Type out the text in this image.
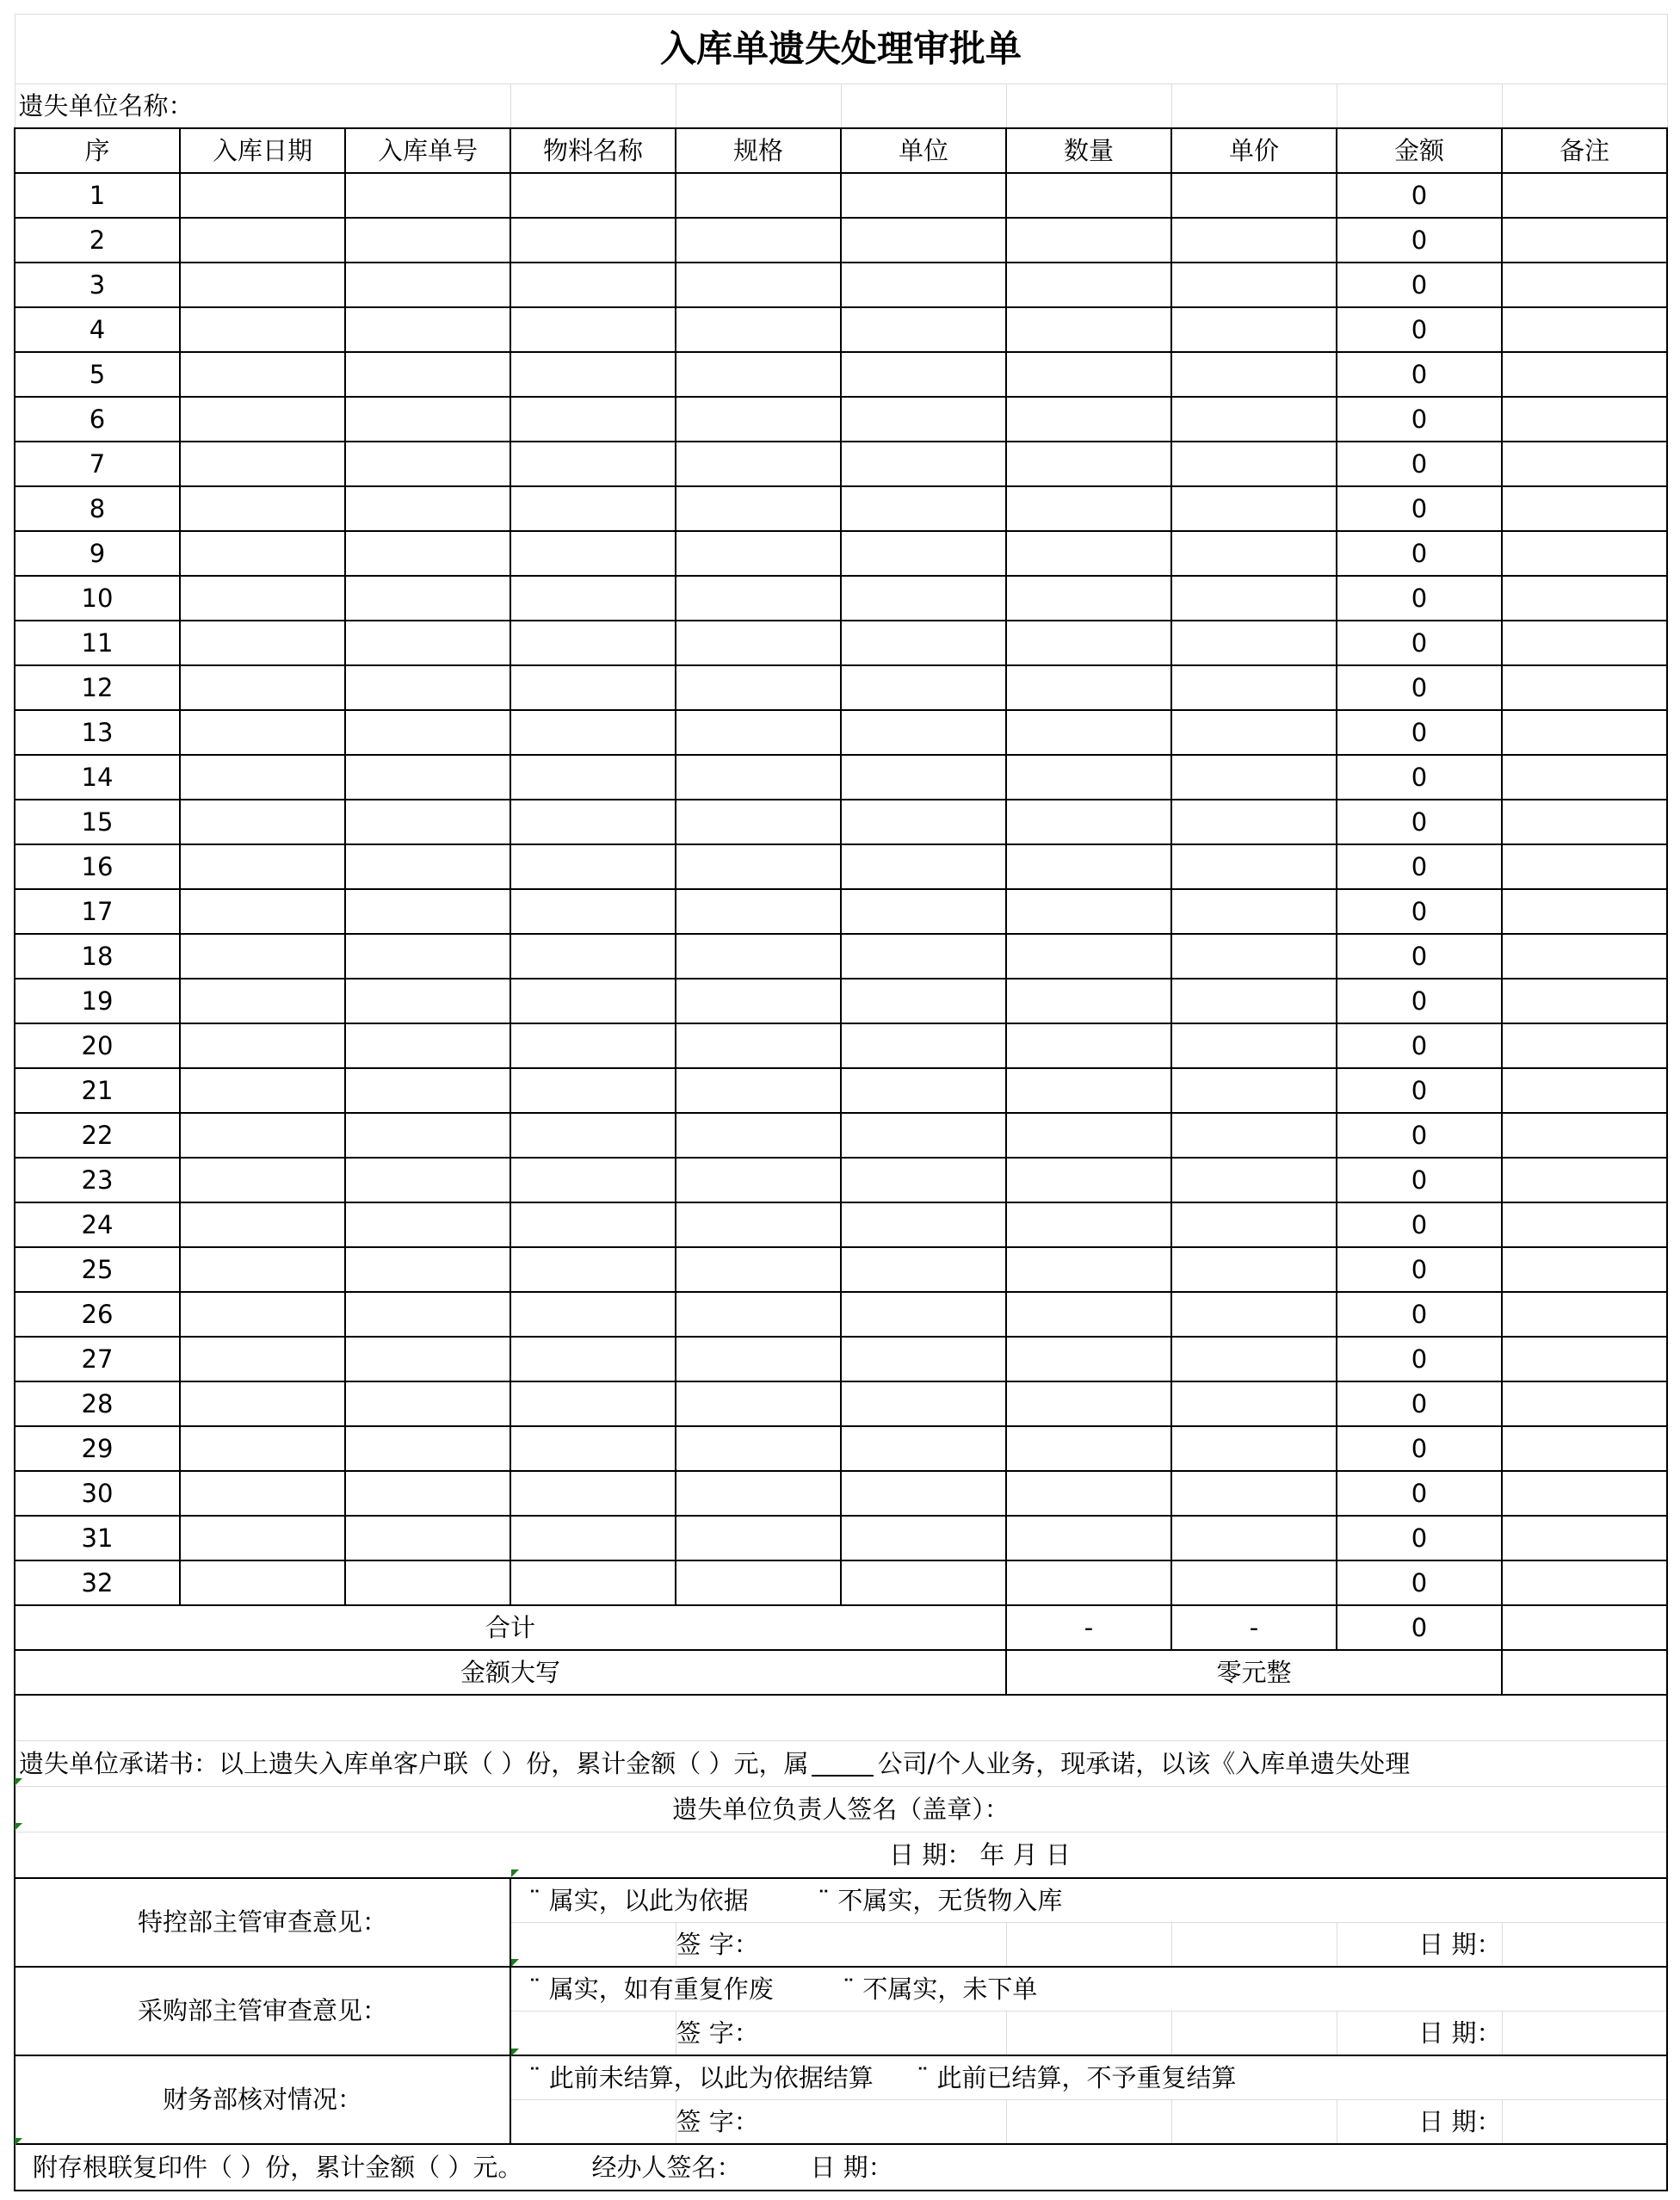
入库单遗失处理审批单									
遗失单位名称：									
序	入库日期	入库单号	物料名称	规格	单位	数量	单价	金额	备注
1								0	
2								0	
3								0	
4								0	
5								0	
6								0	
7								0	
8								0	
9								0	
10								0	
11								0	
12								0	
13								0	
14								0	
15								0	
16								0	
17								0	
18								0	
19								0	
20								0	
21								0	
22								0	
23								0	
24								0	
25								0	
26								0	
27								0	
28								0	
29								0	
30								0	
31								0	
32								0	
合计						-	-	0	
金额大写						零元整			

遗失单位承诺书：以上遗失入库单客户联（ ）份，累计金额（ ）元，属 公司/个人业务，现承诺，以该《入库单遗失处理									
遗失单位负责人签名（盖章）：									
日 期： 年 月 日									
特控部主管审查意见：			¨ 属实，以此为依据 ¨ 不属实，无货物入库						
				签 字：				日 期：	
采购部主管审查意见：			¨ 属实，如有重复作废 ¨ 不属实，未下单						
				签 字：				日 期：	
财务部核对情况：			¨ 此前未结算，以此为依据结算 ¨ 此前已结算，不予重复结算						
				签 字：				日 期：	
附存根联复印件（ ）份，累计金额（ ）元。 经办人签名： 日 期：									
